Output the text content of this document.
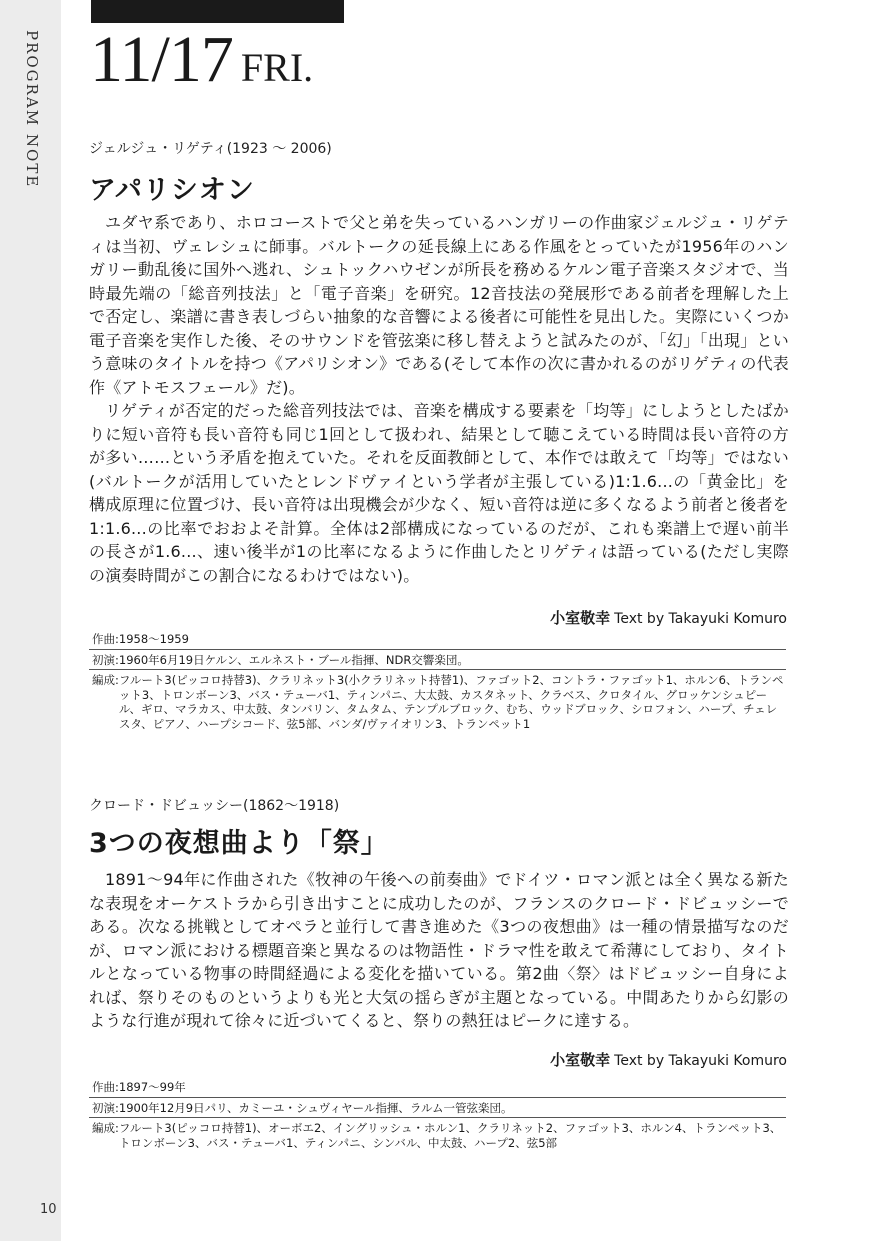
PROGRAM NOTE
10
11/17 FRI.
ジェルジュ・リゲティ(1923 〜 2006)
アパリシオン

ユダヤ系であり、ホロコーストで父と弟を失っているハンガリーの作曲家ジェルジュ・リゲティは当初、ヴェレシュに師事。バルトークの延長線上にある作風をとっていたが1956年のハンガリー動乱後に国外へ逃れ、シュトックハウゼンが所長を務めるケルン電子音楽スタジオで、当時最先端の「総音列技法」と「電子音楽」を研究。12音技法の発展形である前者を理解した上で否定し、楽譜に書き表しづらい抽象的な音響による後者に可能性を見出した。実際にいくつか電子音楽を実作した後、そのサウンドを管弦楽に移し替えようと試みたのが、「幻」「出現」という意味のタイトルを持つ《アパリシオン》である(そして本作の次に書かれるのがリゲティの代表作《アトモスフェール》だ)。

リゲティが否定的だった総音列技法では、音楽を構成する要素を「均等」にしようとしたばかりに短い音符も長い音符も同じ1回として扱われ、結果として聴こえている時間は長い音符の方が多い……という矛盾を抱えていた。それを反面教師として、本作では敢えて「均等」ではない(バルトークが活用していたとレンドヴァイという学者が主張している)1:1.6...の「黄金比」を構成原理に位置づけ、長い音符は出現機会が少なく、短い音符は逆に多くなるよう前者と後者を1:1.6...の比率でおおよそ計算。全体は2部構成になっているのだが、これも楽譜上で遅い前半の長さが1.6...、速い後半が1の比率になるように作曲したとリゲティは語っている(ただし実際の演奏時間がこの割合になるわけではない)。

小室敬幸 Text by Takayuki Komuro
作曲: 1958〜1959
初演: 1960年6月19日ケルン、エルネスト・ブール指揮、NDR交響楽団。
編成: フルート3(ピッコロ持替3)、クラリネット3(小クラリネット持替1)、ファゴット2、コントラ・ファゴット1、ホルン6、トランペット3、トロンボーン3、バス・テューバ1、ティンパニ、大太鼓、カスタネット、クラベス、クロタイル、グロッケンシュピール、ギロ、マラカス、中太鼓、タンバリン、タムタム、テンプルブロック、むち、ウッドブロック、シロフォン、ハープ、チェレスタ、ピアノ、ハープシコード、弦5部、バンダ/ヴァイオリン3、トランペット1
クロード・ドビュッシー(1862〜1918)
3つの夜想曲より「祭」

1891〜94年に作曲された《牧神の午後への前奏曲》でドイツ・ロマン派とは全く異なる新たな表現をオーケストラから引き出すことに成功したのが、フランスのクロード・ドビュッシーである。次なる挑戦としてオペラと並行して書き進めた《3つの夜想曲》は一種の情景描写なのだが、ロマン派における標題音楽と異なるのは物語性・ドラマ性を敢えて希薄にしており、タイトルとなっている物事の時間経過による変化を描いている。第2曲〈祭〉はドビュッシー自身によれば、祭りそのものというよりも光と大気の揺らぎが主題となっている。中間あたりから幻影のような行進が現れて徐々に近づいてくると、祭りの熱狂はピークに達する。

小室敬幸 Text by Takayuki Komuro
作曲: 1897〜99年
初演: 1900年12月9日パリ、カミーユ・シュヴィヤール指揮、ラルム一管弦楽団。
編成: フルート3(ピッコロ持替1)、オーボエ2、イングリッシュ・ホルン1、クラリネット2、ファゴット3、ホルン4、トランペット3、トロンボーン3、バス・テューバ1、ティンパニ、シンバル、中太鼓、ハープ2、弦5部
